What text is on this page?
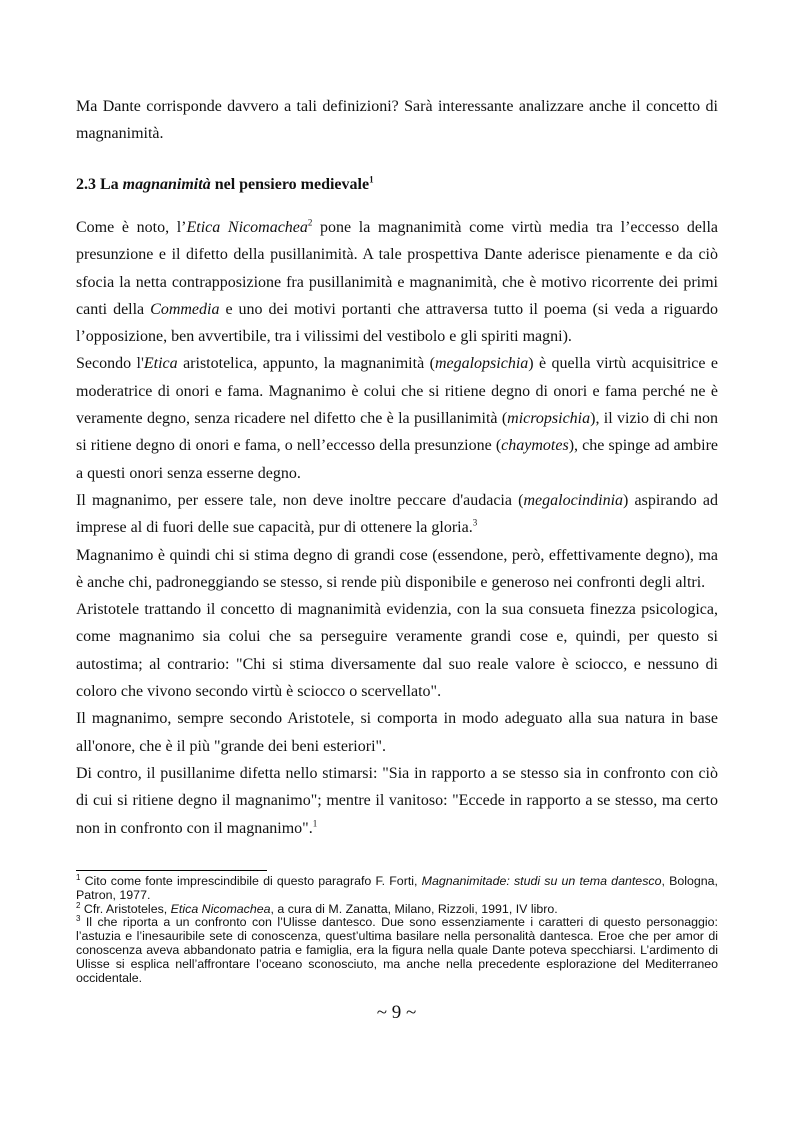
Ma Dante corrisponde davvero a tali definizioni? Sarà interessante analizzare anche il concetto di magnanimità.

2.3 La magnanimità nel pensiero medievale$^1$

Come è noto, l’Etica Nicomachea$^2$ pone la magnanimità come virtù media tra l’eccesso della presunzione e il difetto della pusillanimità. A tale prospettiva Dante aderisce pienamente e da ciò sfocia la netta contrapposizione fra pusillanimità e magnanimità, che è motivo ricorrente dei primi canti della Commedia e uno dei motivi portanti che attraversa tutto il poema (si veda a riguardo l’opposizione, ben avvertibile, tra i vilissimi del vestibolo e gli spiriti magni).

Secondo l'Etica aristotelica, appunto, la magnanimità (megalopsichia) è quella virtù acquisitrice e moderatrice di onori e fama. Magnanimo è colui che si ritiene degno di onori e fama perché ne è veramente degno, senza ricadere nel difetto che è la pusillanimità (micropsichia), il vizio di chi non si ritiene degno di onori e fama, o nell’eccesso della presunzione (chaymotes), che spinge ad ambire a questi onori senza esserne degno.

Il magnanimo, per essere tale, non deve inoltre peccare d'audacia (megalocindinia) aspirando ad imprese al di fuori delle sue capacità, pur di ottenere la gloria.$^3$

Magnanimo è quindi chi si stima degno di grandi cose (essendone, però, effettivamente degno), ma è anche chi, padroneggiando se stesso, si rende più disponibile e generoso nei confronti degli altri.

Aristotele trattando il concetto di magnanimità evidenzia, con la sua consueta finezza psicologica, come magnanimo sia colui che sa perseguire veramente grandi cose e, quindi, per questo si autostima; al contrario: "Chi si stima diversamente dal suo reale valore è sciocco, e nessuno di coloro che vivono secondo virtù è sciocco o scervellato".

Il magnanimo, sempre secondo Aristotele, si comporta in modo adeguato alla sua natura in base all'onore, che è il più "grande dei beni esteriori".

Di contro, il pusillanime difetta nello stimarsi: "Sia in rapporto a se stesso sia in confronto con ciò di cui si ritiene degno il magnanimo"; mentre il vanitoso: "Eccede in rapporto a se stesso, ma certo non in confronto con il magnanimo".$^1$

$^1$ Cito come fonte imprescindibile di questo paragrafo F. Forti, Magnanimitade: studi su un tema dantesco, Bologna, Patron, 1977.

$^2$ Cfr. Aristoteles, Etica Nicomachea, a cura di M. Zanatta, Milano, Rizzoli, 1991, IV libro.

$^3$ Il che riporta a un confronto con l’Ulisse dantesco. Due sono essenziamente i caratteri di questo personaggio: l’astuzia e l’inesauribile sete di conoscenza, quest’ultima basilare nella personalità dantesca. Eroe che per amor di conoscenza aveva abbandonato patria e famiglia, era la figura nella quale Dante poteva specchiarsi. L’ardimento di Ulisse si esplica nell’affrontare l’oceano sconosciuto, ma anche nella precedente esplorazione del Mediterraneo occidentale.

~ 9 ~
